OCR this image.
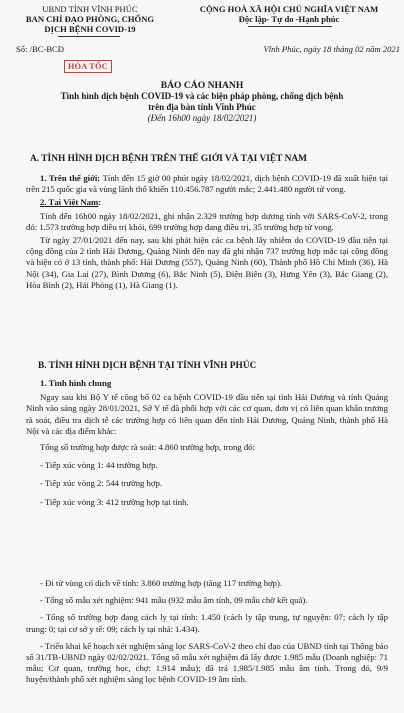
UBND TỈNH VĨNH PHÚC
BAN CHỈ ĐẠO PHÒNG, CHỐNG
DỊCH BỆNH COVID-19
CỘNG HOÀ XÃ HỘI CHỦ NGHĨA VIỆT NAM
Độc lập- Tự do -Hạnh phúc
Số: /BC-BCĐ	Vĩnh Phúc, ngày 18 tháng 02 năm 2021
HỎA TỐC
BÁO CÁO NHANH
Tình hình dịch bệnh COVID-19 và các biện pháp phòng, chống dịch bệnh
trên địa bàn tỉnh Vĩnh Phúc
(Đến 16h00 ngày 18/02/2021)
A. TÌNH HÌNH DỊCH BỆNH TRÊN THẾ GIỚI VÀ TẠI VIỆT NAM

1. Trên thế giới: Tính đến 15 giờ 00 phút ngày 18/02/2021, dịch bệnh COVID-19 đã xuất hiện tại trên 215 quốc gia và vùng lãnh thổ khiến 110.456.787 người mắc; 2.441.480 người tử vong.

2. Tại Việt Nam:

Tính đến 16h00 ngày 18/02/2021, ghi nhận 2.329 trường hợp dương tính với SARS-CoV-2, trong đó: 1.573 trường hợp điều trị khỏi, 699 trường hợp đang điều trị, 35 trường hợp tử vong.

Từ ngày 27/01/2021 đến nay, sau khi phát hiện các ca bệnh lây nhiễm do COVID-19 đầu tiên tại cộng đồng của 2 tỉnh Hải Dương, Quảng Ninh đến nay đã ghi nhận 737 trường hợp mắc tại cộng đồng và hiện có ở 13 tỉnh, thành phố: Hải Dương (557), Quảng Ninh (60), Thành phố Hồ Chí Minh (36), Hà Nội (34), Gia Lai (27), Bình Dương (6), Bắc Ninh (5), Điện Biên (3), Hưng Yên (3), Bắc Giang (2), Hòa Bình (2), Hải Phòng (1), Hà Giang (1).

B. TÌNH HÌNH DỊCH BỆNH TẠI TỈNH VĨNH PHÚC

1. Tình hình chung

Ngay sau khi Bộ Y tế công bố 02 ca bệnh COVID-19 đầu tiên tại tỉnh Hải Dương và tỉnh Quảng Ninh vào sáng ngày 28/01/2021, Sở Y tế đã phối hợp với các cơ quan, đơn vị có liên quan khẩn trương rà soát, điều tra dịch tễ các trường hợp có liên quan đến tỉnh Hải Dương, Quảng Ninh, thành phố Hà Nội và các địa điểm khác:

Tổng số trường hợp được rà soát: 4.860 trường hợp, trong đó:

- Tiếp xúc vòng 1: 44 trường hợp.

- Tiếp xúc vòng 2: 544 trường hợp.

- Tiếp xúc vòng 3: 412 trường hợp tại tỉnh.

- Đi từ vùng có dịch về tỉnh: 3.860 trường hợp (tăng 117 trường hợp).

- Tổng số mẫu xét nghiệm: 941 mẫu (932 mẫu âm tính, 09 mẫu chờ kết quả).

- Tổng số trường hợp đang cách ly tại tỉnh: 1.450 (cách ly tập trung, tự nguyện: 07; cách ly tập trung: 0; tại cơ sở y tế: 09; cách ly tại nhà: 1.434).

- Triển khai kế hoạch xét nghiệm sàng lọc SARS-CoV-2 theo chỉ đạo của UBND tỉnh tại Thông báo số 31/TB-UBND ngày 02/02/2021. Tổng số mẫu xét nghiệm đã lấy được 1.985 mẫu (Doanh nghiệp: 71 mẫu; Cơ quan, trường học, chợ: 1.914 mẫu); đã trả 1.985/1.985 mẫu âm tính. Trong đó, 9/9 huyện/thành phố xét nghiệm sàng lọc bệnh COVID-19 âm tính.
